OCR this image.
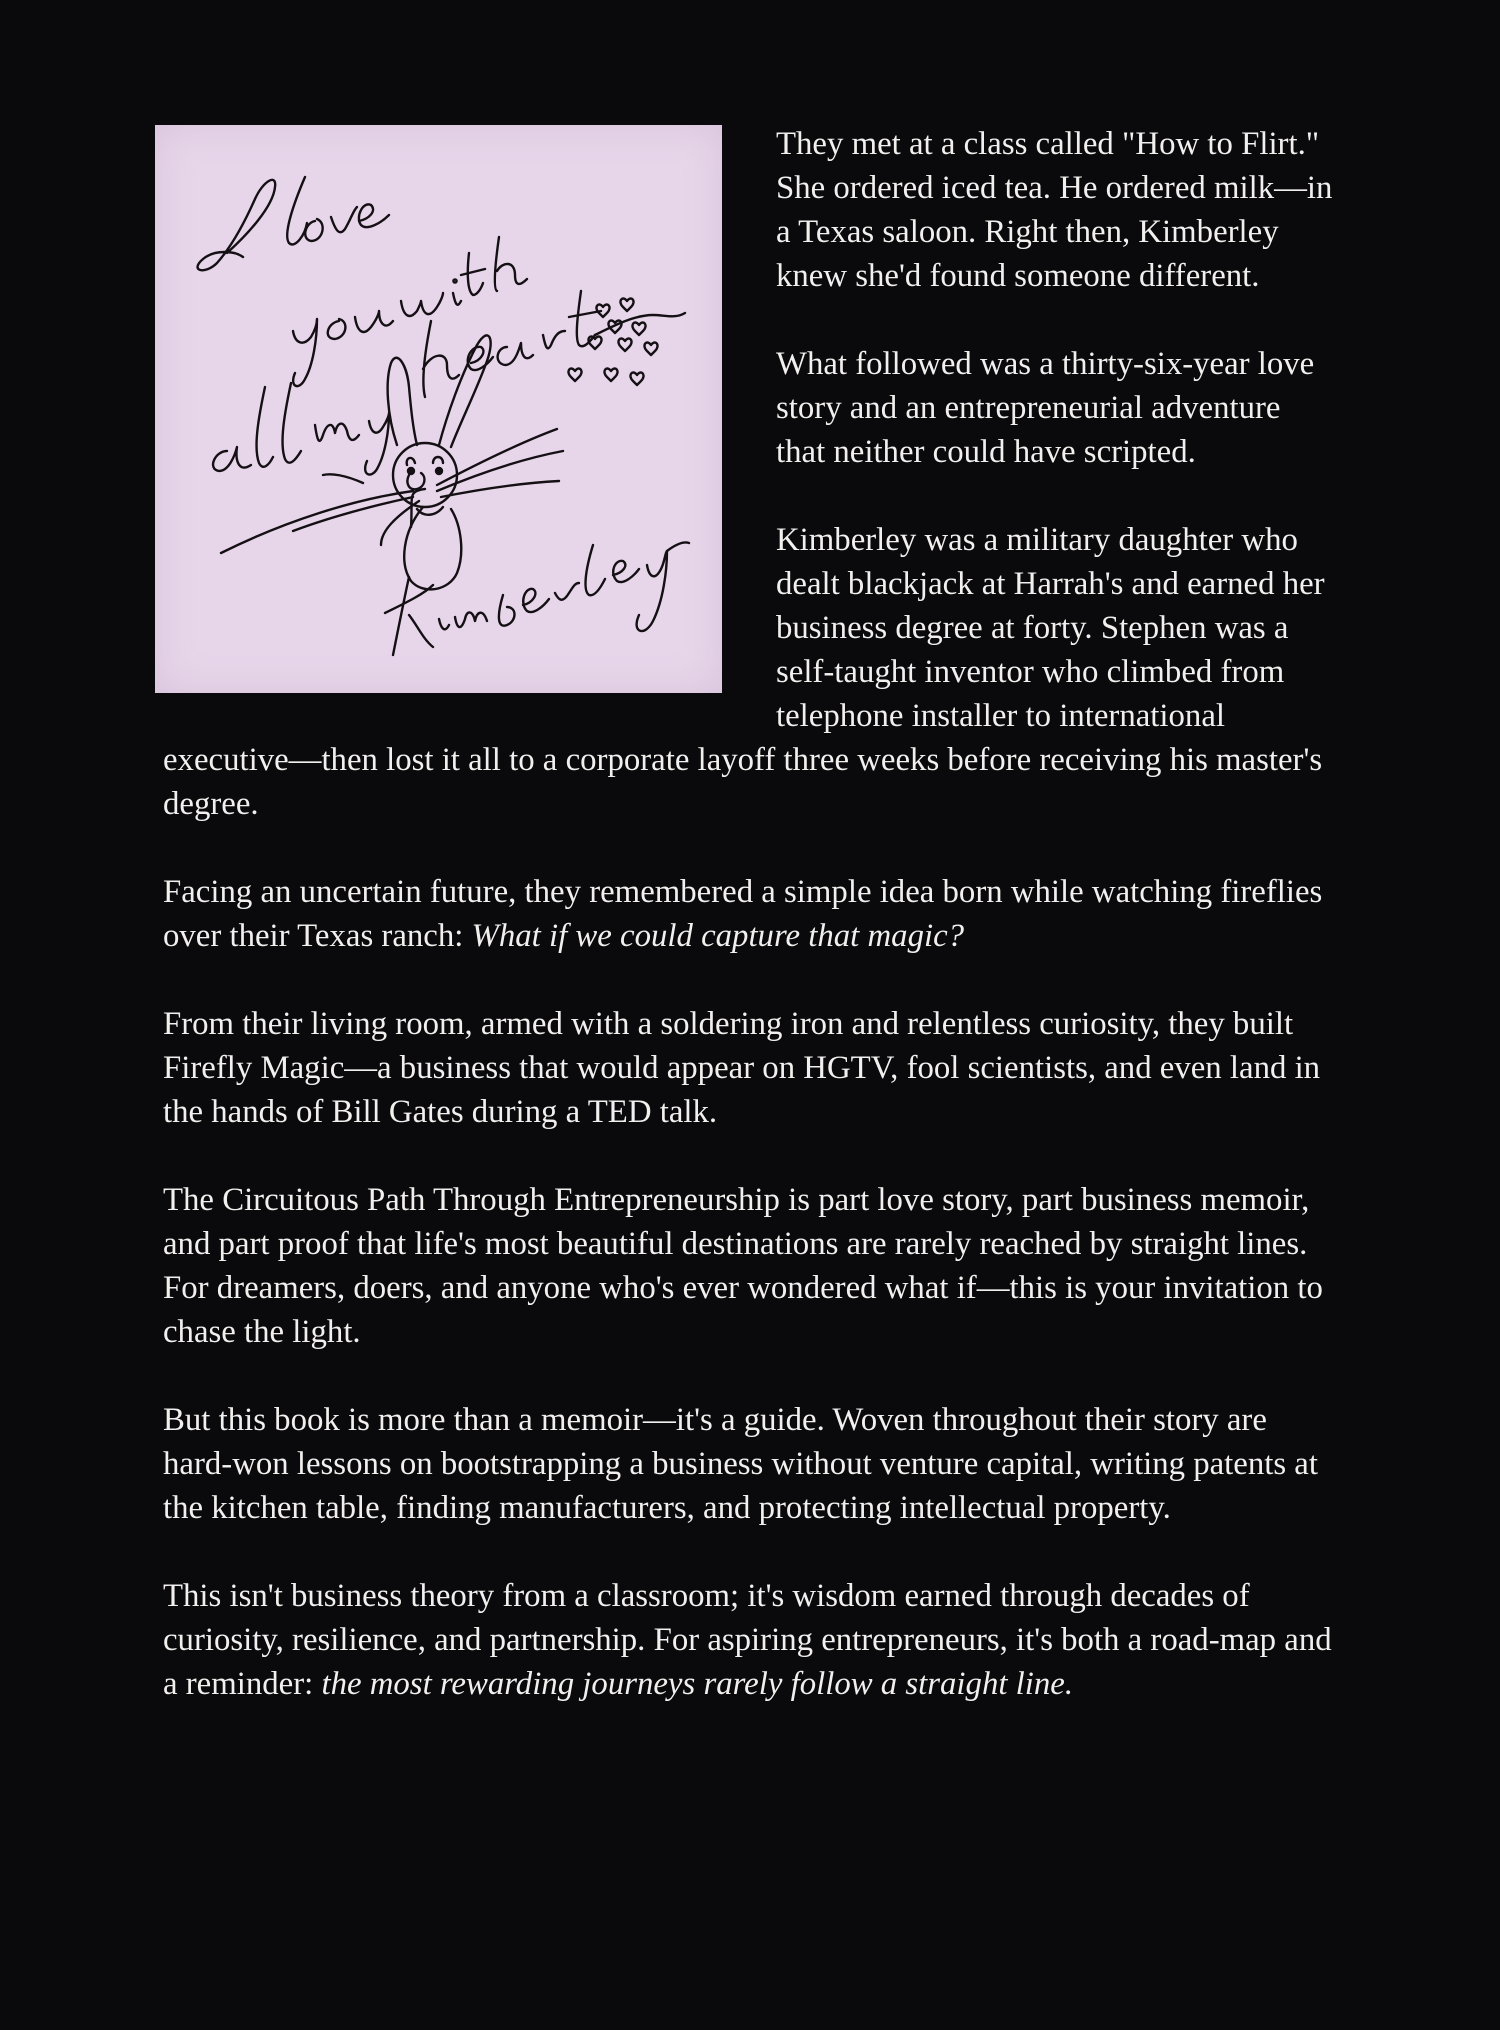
They met at a class called "How to Flirt." She ordered iced tea. He ordered milk—in a Texas saloon. Right then, Kimberley knew she'd found someone different.

What followed was a thirty-six-year love story and an entrepreneurial adventure that neither could have scripted.

Kimberley was a military daughter who dealt blackjack at Harrah's and earned her business degree at forty. Stephen was a self-taught inventor who climbed from telephone installer to international executive—then lost it all to a corporate layoff three weeks before receiving his master's degree.

Facing an uncertain future, they remembered a simple idea born while watching fireflies over their Texas ranch: What if we could capture that magic?

From their living room, armed with a soldering iron and relentless curiosity, they built Firefly Magic—a business that would appear on HGTV, fool scientists, and even land in the hands of Bill Gates during a TED talk.

The Circuitous Path Through Entrepreneurship is part love story, part business memoir, and part proof that life's most beautiful destinations are rarely reached by straight lines. For dreamers, doers, and anyone who's ever wondered what if—this is your invitation to chase the light.

But this book is more than a memoir—it's a guide. Woven throughout their story are hard-won lessons on bootstrapping a business without venture capital, writing patents at the kitchen table, finding manufacturers, and protecting intellectual property.

This isn't business theory from a classroom; it's wisdom earned through decades of curiosity, resilience, and partnership. For aspiring entrepreneurs, it's both a road-map and a reminder: the most rewarding journeys rarely follow a straight line.
